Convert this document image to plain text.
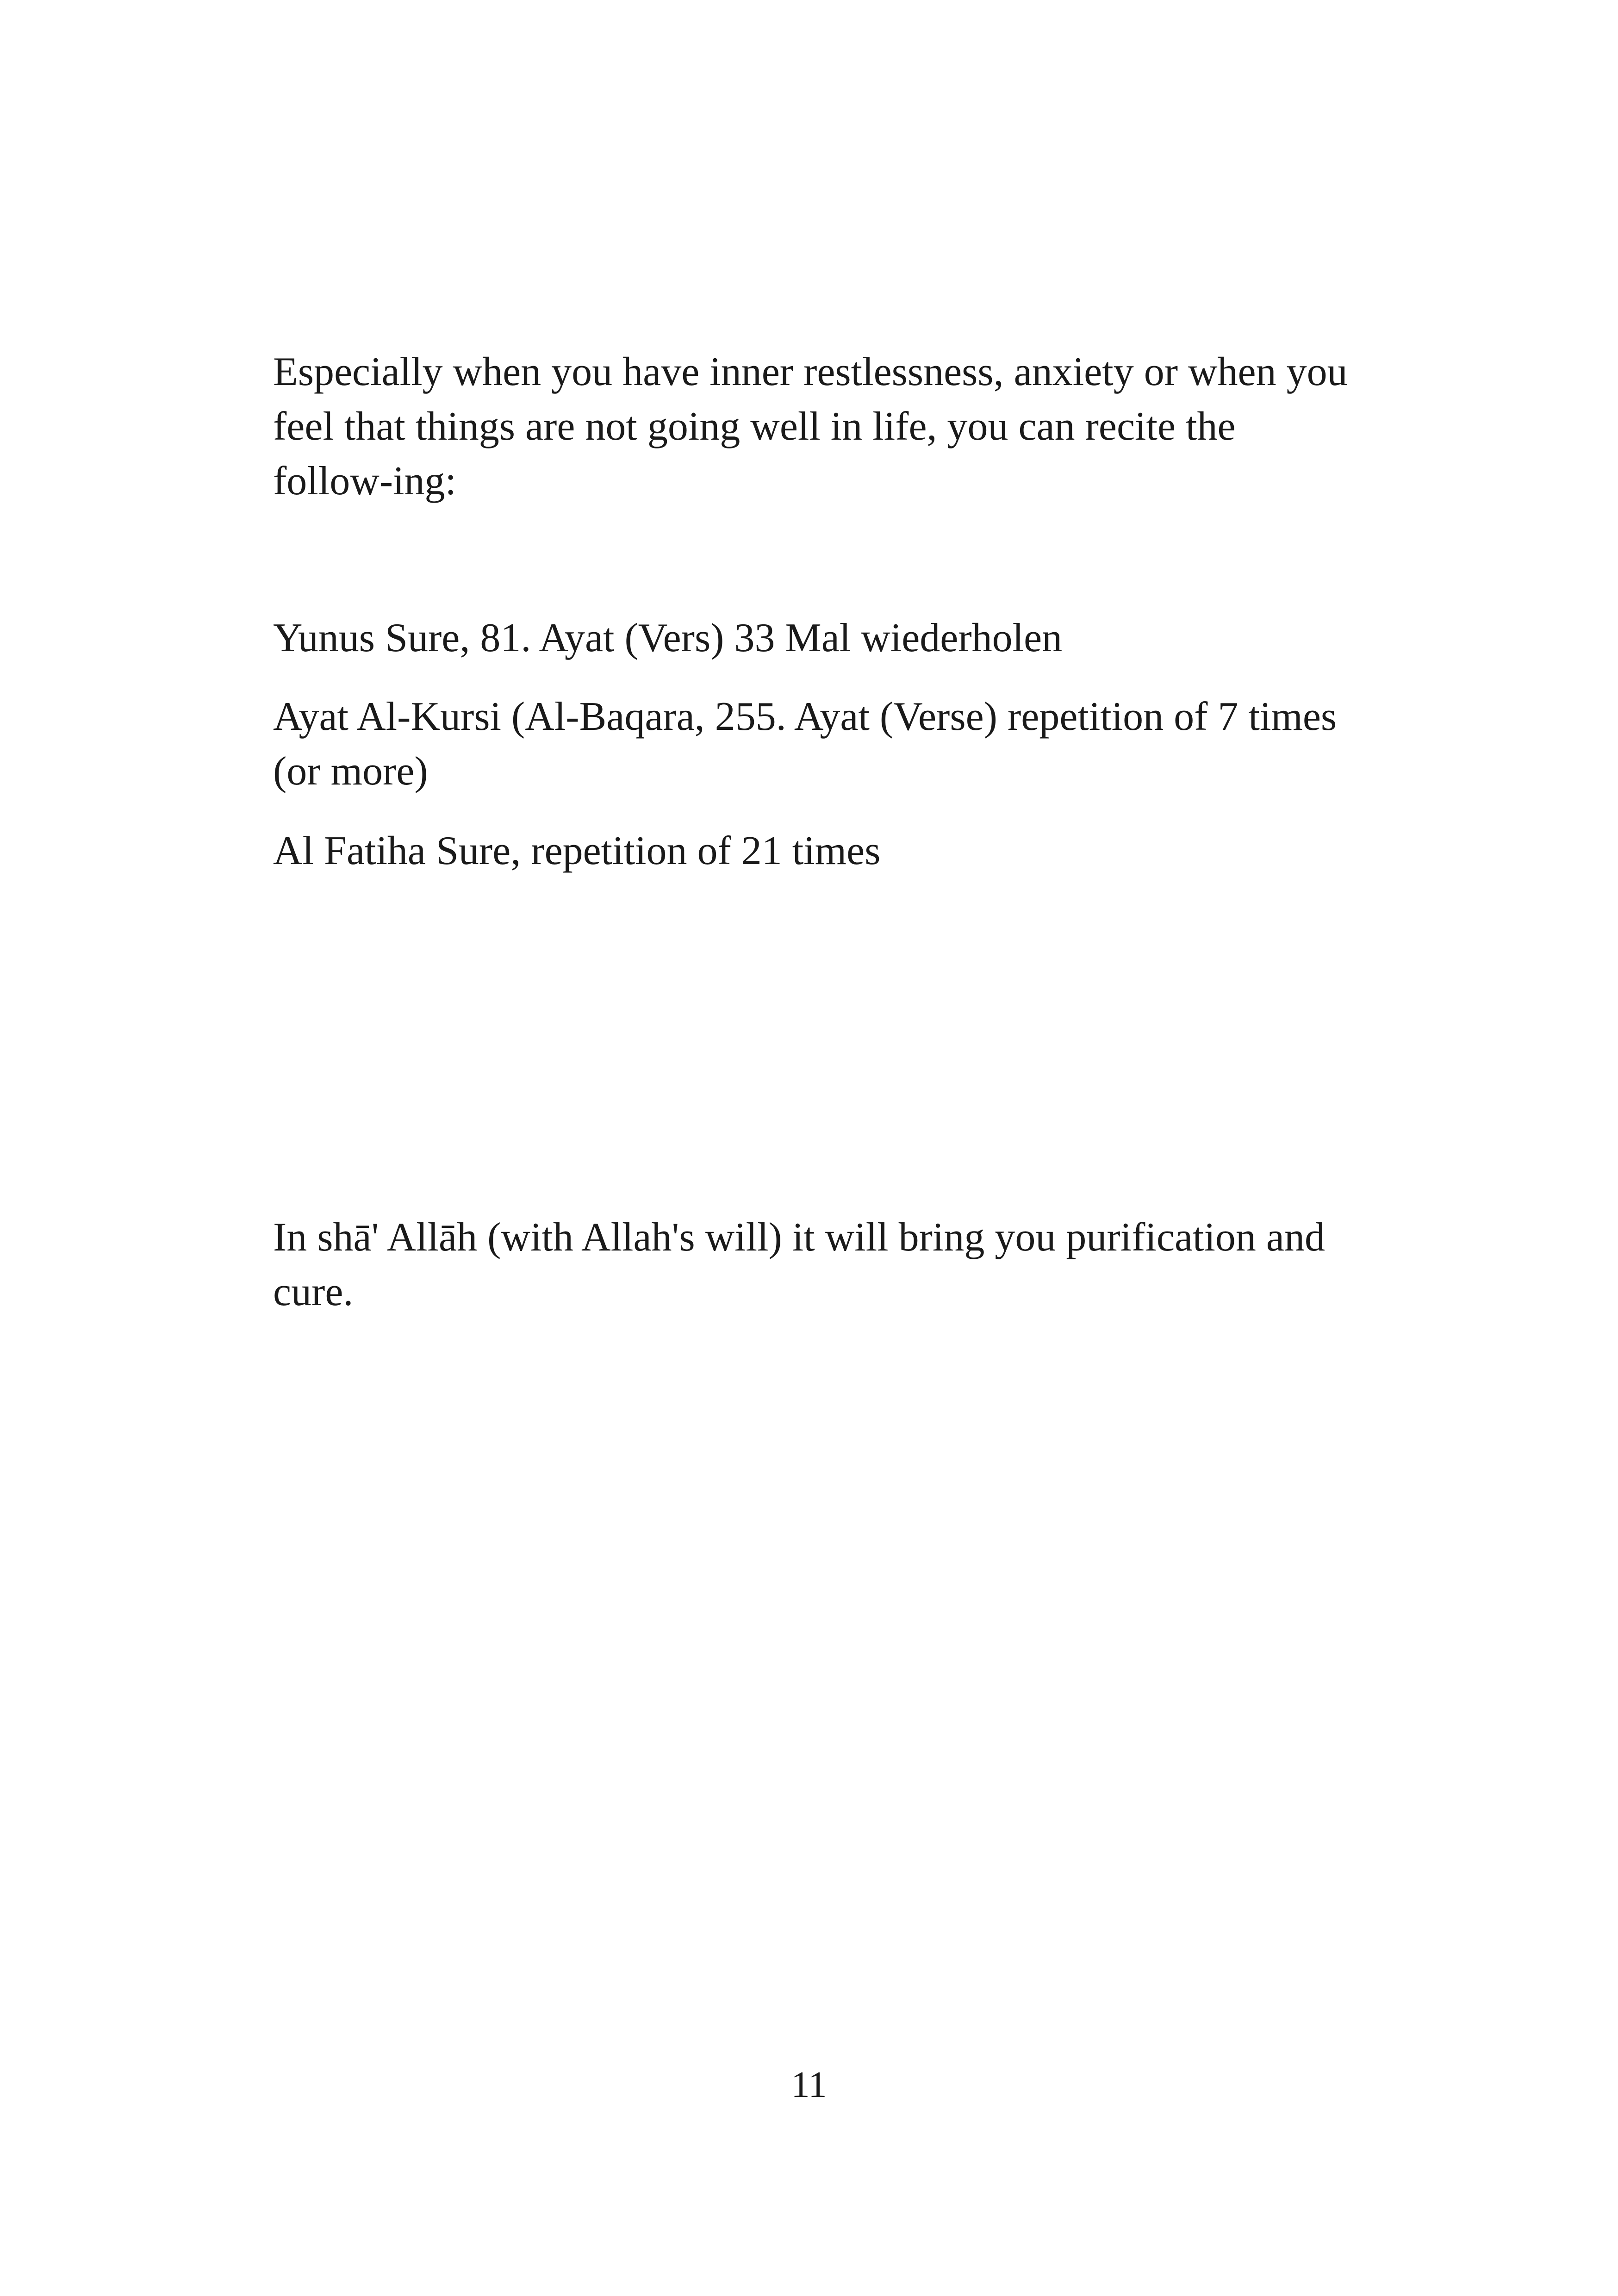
Especially when you have inner restlessness, anxiety or when you feel that things are not going well in life, you can recite the follow-ing:

Yunus Sure, 81. Ayat (Vers) 33 Mal wiederholen

Ayat Al-Kursi (Al-Baqara, 255. Ayat (Verse) repetition of 7 times (or more)

Al Fatiha Sure, repetition of 21 times

In shā' Allāh (with Allah's will) it will bring you purification and cure.

11
